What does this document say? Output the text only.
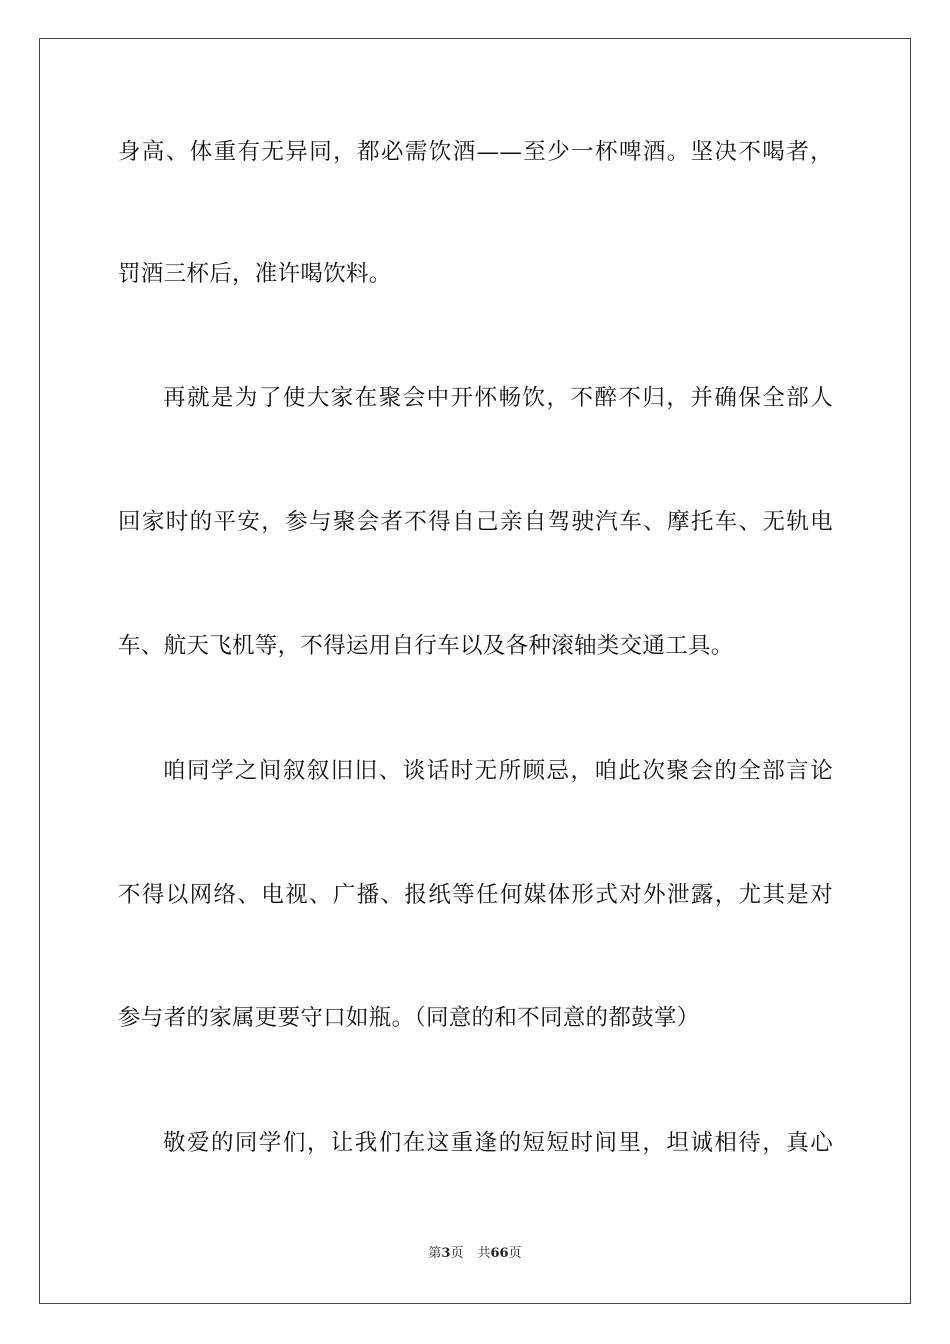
身高、体重有无异同，都必需饮酒——至少一杯啤酒。坚决不喝者，
罚酒三杯后，准许喝饮料。
再就是为了使大家在聚会中开怀畅饮，不醉不归，并确保全部人
回家时的平安，参与聚会者不得自己亲自驾驶汽车、摩托车、无轨电
车、航天飞机等，不得运用自行车以及各种滚轴类交通工具。
咱同学之间叙叙旧旧、谈话时无所顾忌，咱此次聚会的全部言论
不得以网络、电视、广播、报纸等任何媒体形式对外泄露，尤其是对
参与者的家属更要守口如瓶。（同意的和不同意的都鼓掌）
敬爱的同学们，让我们在这重逢的短短时间里，坦诚相待，真心
第3页 共66页
